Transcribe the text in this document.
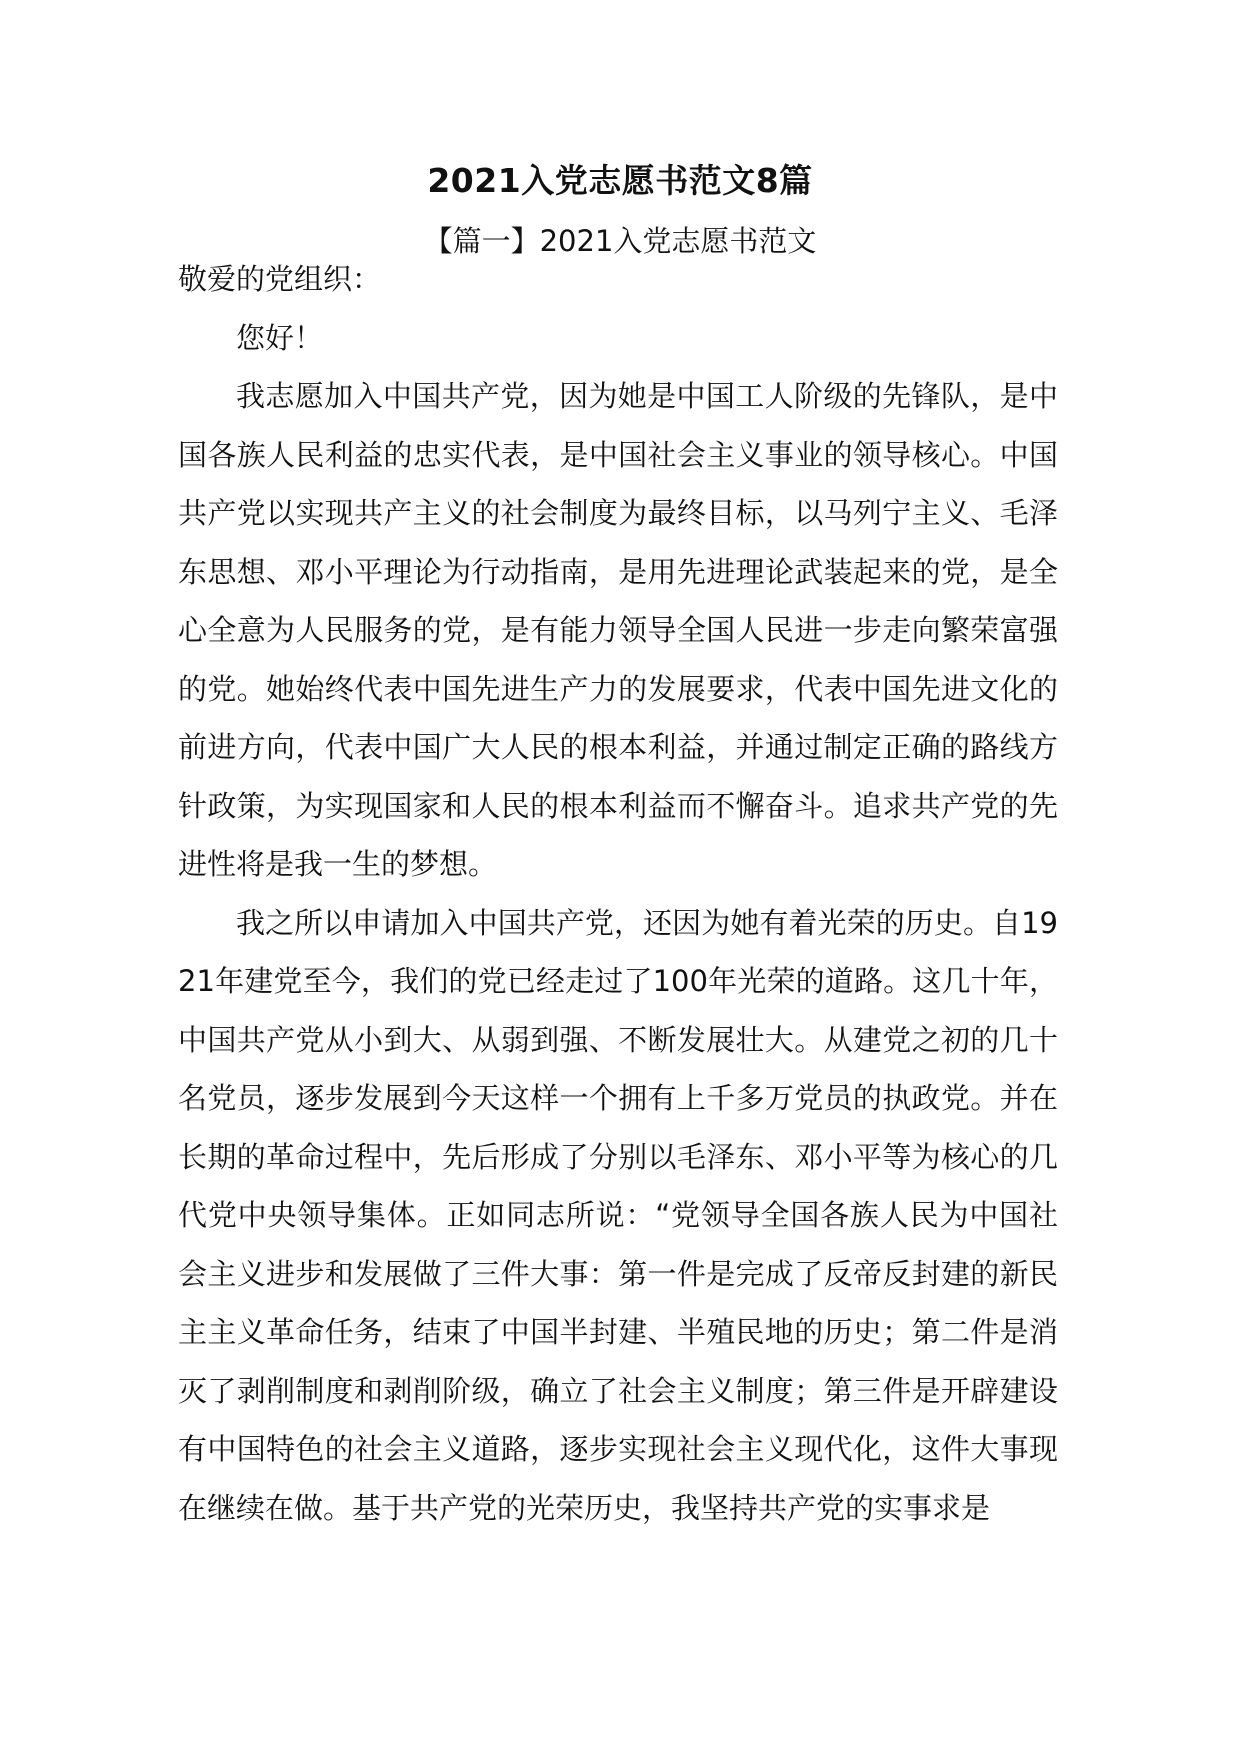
2021入党志愿书范文8篇
【篇一】2021入党志愿书范文

敬爱的党组织：

您好！

我志愿加入中国共产党，因为她是中国工人阶级的先锋队，是中国各族人民利益的忠实代表，是中国社会主义事业的领导核心。中国共产党以实现共产主义的社会制度为最终目标，以马列宁主义、毛泽东思想、邓小平理论为行动指南，是用先进理论武装起来的党，是全心全意为人民服务的党，是有能力领导全国人民进一步走向繁荣富强的党。她始终代表中国先进生产力的发展要求，代表中国先进文化的前进方向，代表中国广大人民的根本利益，并通过制定正确的路线方针政策，为实现国家和人民的根本利益而不懈奋斗。追求共产党的先进性将是我一生的梦想。

我之所以申请加入中国共产党，还因为她有着光荣的历史。自1921年建党至今，我们的党已经走过了100年光荣的道路。这几十年，中国共产党从小到大、从弱到强、不断发展壮大。从建党之初的几十名党员，逐步发展到今天这样一个拥有上千多万党员的执政党。并在长期的革命过程中，先后形成了分别以毛泽东、邓小平等为核心的几代党中央领导集体。正如同志所说：“党领导全国各族人民为中国社会主义进步和发展做了三件大事：第一件是完成了反帝反封建的新民主主义革命任务，结束了中国半封建、半殖民地的历史；第二件是消灭了剥削制度和剥削阶级，确立了社会主义制度；第三件是开辟建设有中国特色的社会主义道路，逐步实现社会主义现代化，这件大事现在继续在做。基于共产党的光荣历史，我坚持共产党的实事求是
